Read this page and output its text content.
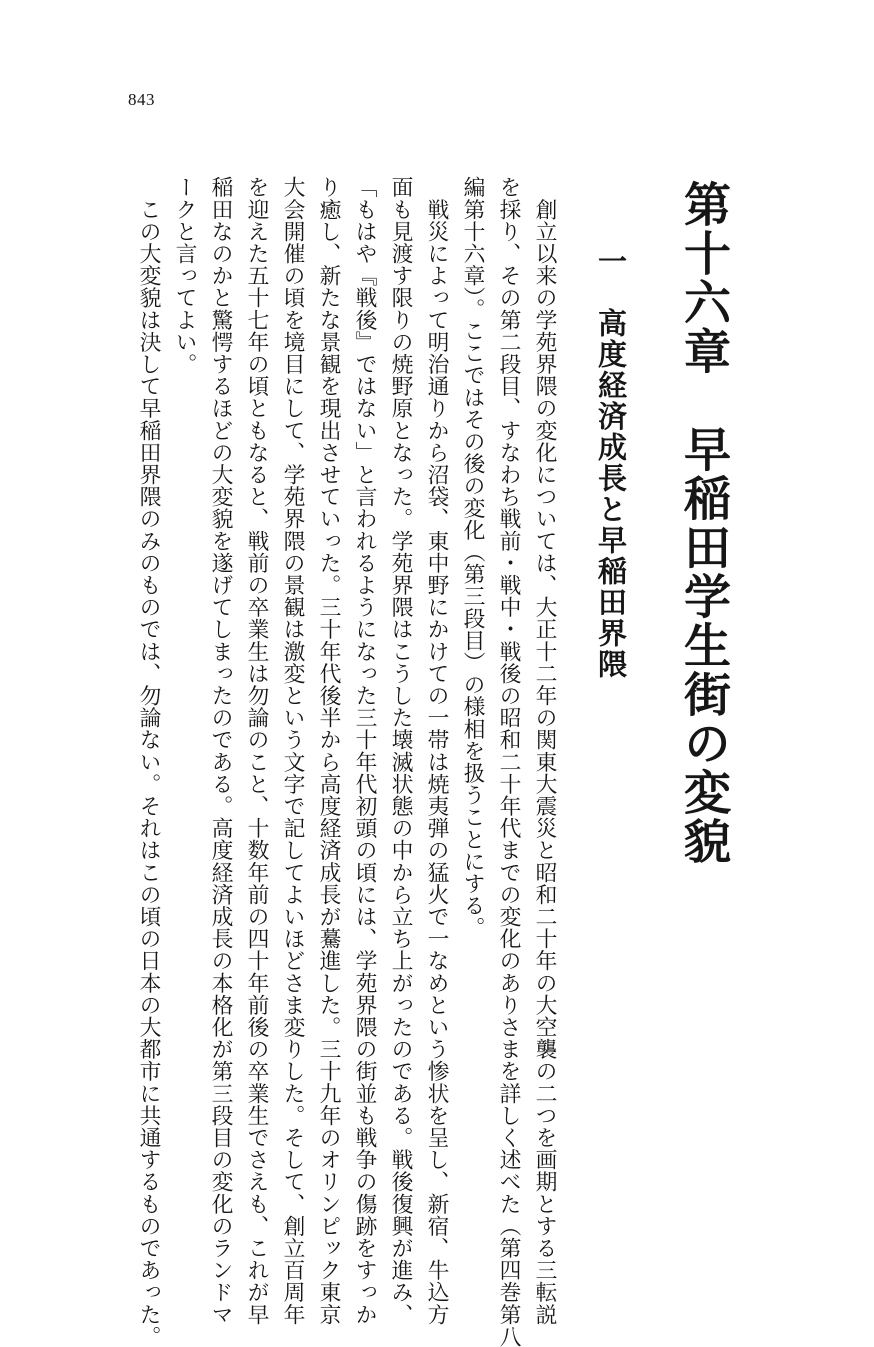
843
第十六章　早稲田学生街の変貌
一　高度経済成長と早稲田界隈

　創立以来の学苑界隈の変化については、大正十二年の関東大震災と昭和二十年の大空襲の二つを画期とする三転説

を採り、その第二段目、すなわち戦前・戦中・戦後の昭和二十年代までの変化のありさまを詳しく述べた（第四巻第八

編第十六章）。ここではその後の変化（第三段目）の様相を扱うことにする。

　戦災によって明治通りから沼袋、東中野にかけての一帯は焼夷弾の猛火で一なめという惨状を呈し、新宿、牛込方

面も見渡す限りの焼野原となった。学苑界隈はこうした壊滅状態の中から立ち上がったのである。戦後復興が進み、

「もはや『戦後』ではない」と言われるようになった三十年代初頭の頃には、学苑界隈の街並も戦争の傷跡をすっか

り癒し、新たな景観を現出させていった。三十年代後半から高度経済成長が驀進した。三十九年のオリンピック東京

大会開催の頃を境目にして、学苑界隈の景観は激変という文字で記してよいほどさま変りした。そして、創立百周年

を迎えた五十七年の頃ともなると、戦前の卒業生は勿論のこと、十数年前の四十年前後の卒業生でさえも、これが早

稲田なのかと驚愕するほどの大変貌を遂げてしまったのである。高度経済成長の本格化が第三段目の変化のランドマ

ークと言ってよい。

　この大変貌は決して早稲田界隈のみのものでは、勿論ない。それはこの頃の日本の大都市に共通するものであった。
